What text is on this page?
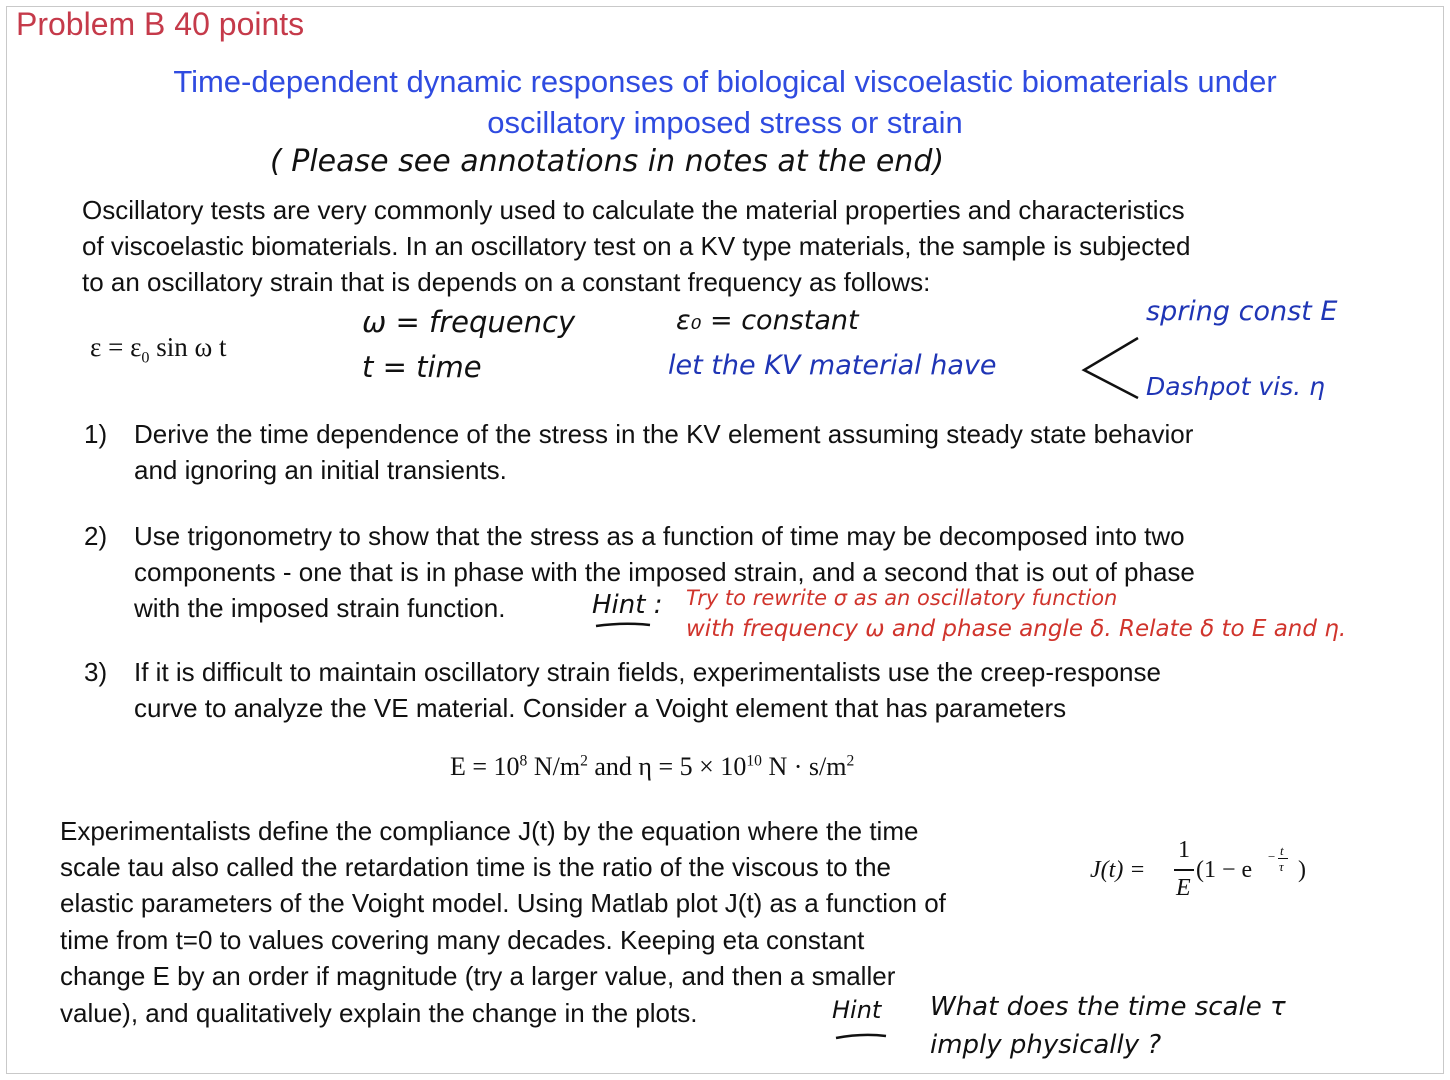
Problem B 40 points
Time-dependent dynamic responses of biological viscoelastic biomaterials under
oscillatory imposed stress or strain
( Please see annotations in notes at the end)
Oscillatory tests are very commonly used to calculate the material properties and characteristics
of viscoelastic biomaterials. In an oscillatory test on a KV type materials, the sample is subjected
to an oscillatory strain that is depends on a constant frequency as follows:
$\varepsilon = \varepsilon_0$ sin ω t
ω = frequency
t = time
ε₀ = constant
let the KV material have
spring const E
Dashpot vis. η
1) Derive the time dependence of the stress in the KV element assuming steady state behavior
and ignoring an initial transients.
2) Use trigonometry to show that the stress as a function of time may be decomposed into two
components - one that is in phase with the imposed strain, and a second that is out of phase
with the imposed strain function.	Hint : Try to rewrite σ as an oscillatory function
with frequency ω and phase angle δ. Relate δ to E and η.
3) If it is difficult to maintain oscillatory strain fields, experimentalists use the creep-response
curve to analyze the VE material. Consider a Voight element that has parameters
$E = 10^8$ $N/m^2$ and $\eta = 5 \times 10^{10}$ $N \cdot s/m^2$
Experimentalists define the compliance J(t) by the equation where the time
scale tau also called the retardation time is the ratio of the viscous to the
elastic parameters of the Voight model. Using Matlab plot J(t) as a function of
time from t=0 to values covering many decades. Keeping eta constant
change E by an order if magnitude (try a larger value, and then a smaller
value), and qualitatively explain the change in the plots.
J(t) =
1
E
(1 − e
− t
τ )
Hint What does the time scale τ
imply physically ?
